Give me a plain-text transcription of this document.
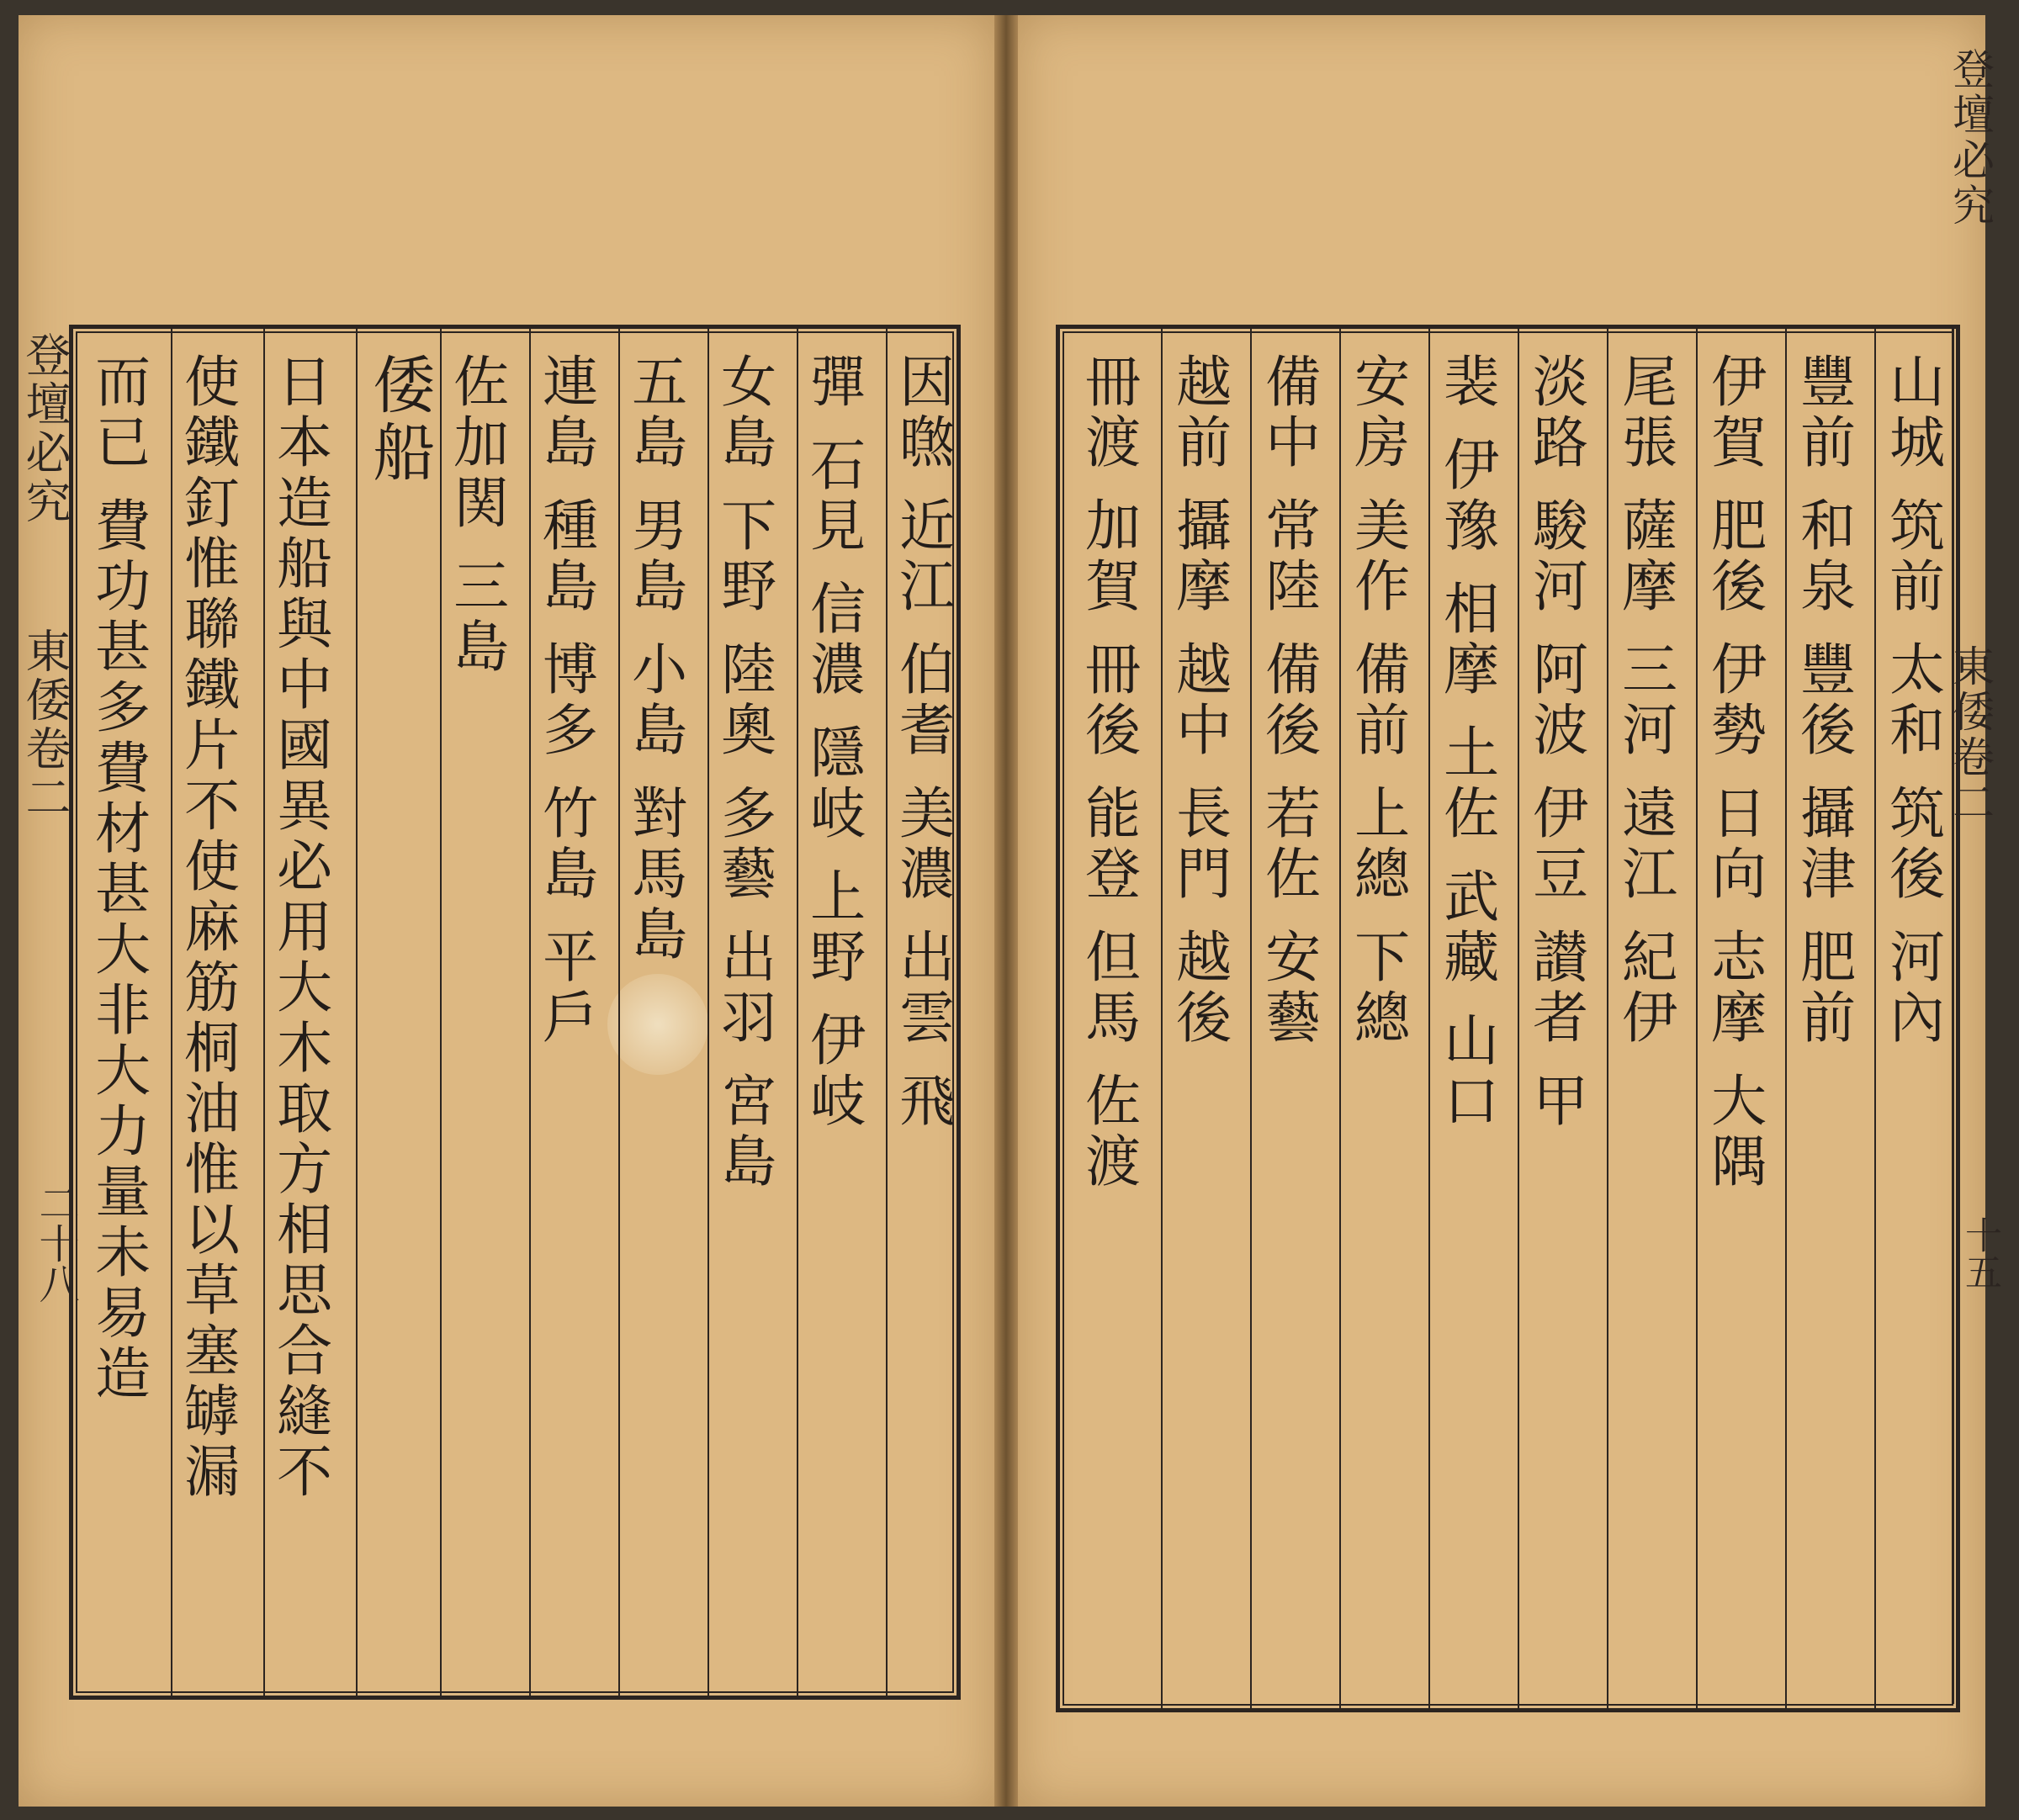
登壇必究
東倭卷二
二十八
因㬠 近江 伯耆 美濃 出雲 飛
彈 石見 信濃 隱岐 上野 伊岐
女島 下野 陸奧 多藝 出羽 宮島
五島 男島 小島 對馬島
連島 種島 博多 竹島 平戶
佐加関 三島
倭船
日本造船與中國異必用大木取方相思合縫不
使鐵釘惟聯鐵片不使麻筋桐油惟以草塞罅漏
而已 費功甚多費材甚大非大力量未易造	山城 筑前 太和 筑後 河內
豐前 和泉 豐後 攝津 肥前
伊賀 肥後 伊勢 日向 志摩 大隅
尾張 薩摩 三河 遠江 紀伊
淡路 駿河 阿波 伊豆 讃者 甲
裴 伊豫 相摩 土佐 武藏 山口
安房 美作 備前 上總 下總
備中 常陸 備後 若佐 安藝
越前 攝摩 越中 長門 越後
冊渡 加賀 冊後 能登 但馬 佐渡
登壇必究
東倭卷二
十五
